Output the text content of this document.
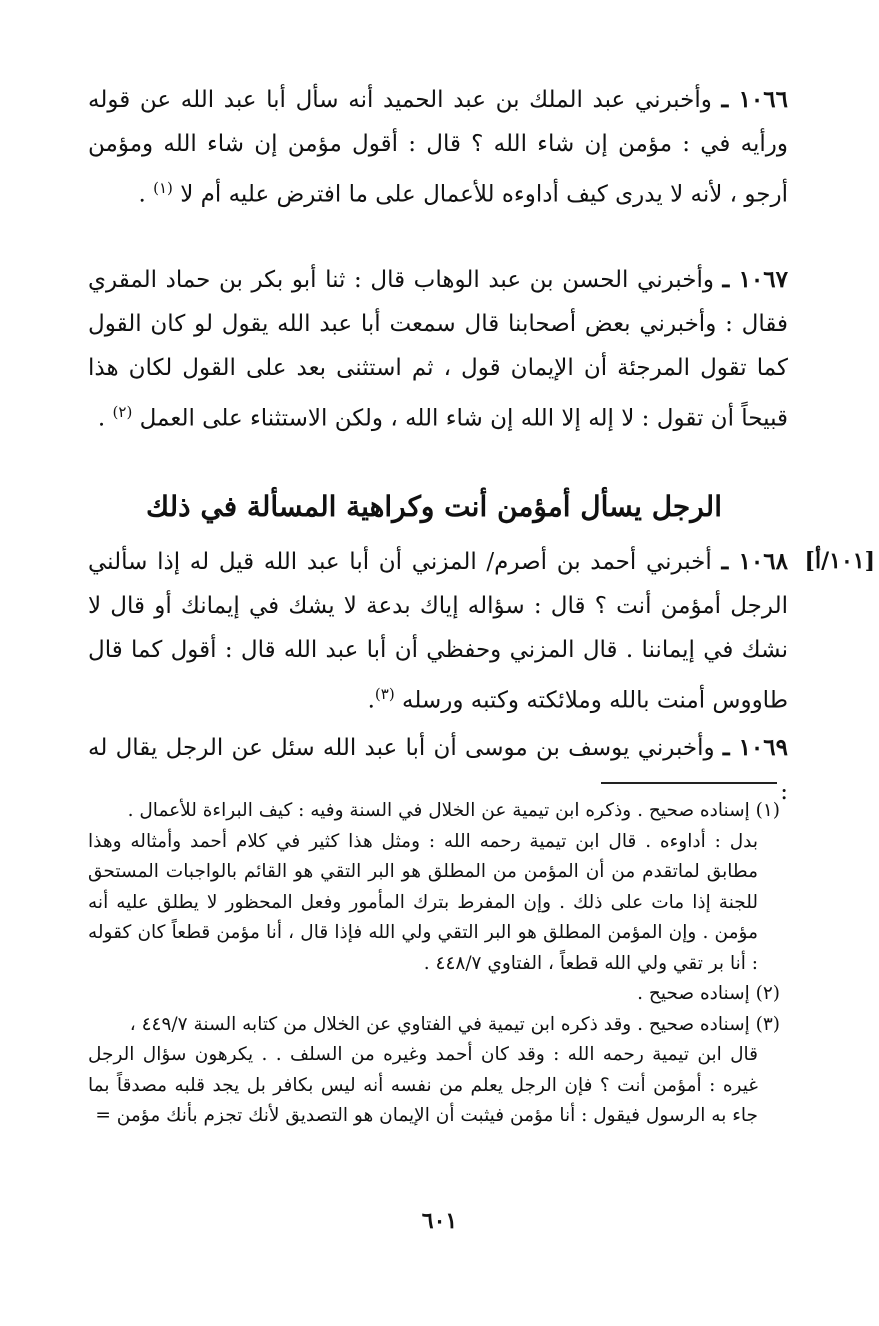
١٠٦٦ ـ وأخبرني عبد الملك بن عبد الحميد أنه سأل أبا عبد الله عن قوله ورأيه في : مؤمن إن شاء الله ؟ قال : أقول مؤمن إن شاء الله ومؤمن أرجو ، لأنه لا يدرى كيف أداوءه للأعمال على ما افترض عليه أم لا $^{(١)}$ .
١٠٦٧ ـ وأخبرني الحسن بن عبد الوهاب قال : ثنا أبو بكر بن حماد المقري فقال : وأخبرني بعض أصحابنا قال سمعت أبا عبد الله يقول لو كان القول كما تقول المرجئة أن الإيمان قول ، ثم استثنى بعد على القول لكان هذا قبيحاً أن تقول : لا إله إلا الله إن شاء الله ، ولكن الاستثناء على العمل $^{(٢)}$ .
الرجل يسأل أمؤمن أنت وكراهية المسألة في ذلك
[١٠١/أ]
١٠٦٨ ـ أخبرني أحمد بن أصرم/ المزني أن أبا عبد الله قيل له إذا سألني الرجل أمؤمن أنت ؟ قال : سؤاله إياك بدعة لا يشك في إيمانك أو قال لا نشك في إيماننا . قال المزني وحفظي أن أبا عبد الله قال : أقول كما قال طاووس أمنت بالله وملائكته وكتبه ورسله $^{(٣)}$.
١٠٦٩ ـ وأخبرني يوسف بن موسى أن أبا عبد الله سئل عن الرجل يقال له :
(١) إسناده صحيح . وذكره ابن تيمية عن الخلال في السنة وفيه : كيف البراءة للأعمال .
بدل : أداوءه . قال ابن تيمية رحمه الله : ومثل هذا كثير في كلام أحمد وأمثاله وهذا مطابق لماتقدم من أن المؤمن من المطلق هو البر التقي هو القائم بالواجبات المستحق للجنة إذا مات على ذلك . وإن المفرط بترك المأمور وفعل المحظور لا يطلق عليه أنه مؤمن . وإن المؤمن المطلق هو البر التقي ولي الله فإذا قال ، أنا مؤمن قطعاً كان كقوله : أنا بر تقي ولي الله قطعاً ، الفتاوي ٤٤٨/٧ .
(٢) إسناده صحيح .
(٣) إسناده صحيح . وقد ذكره ابن تيمية في الفتاوي عن الخلال من كتابه السنة ٤٤٩/٧ ،
قال ابن تيمية رحمه الله : وقد كان أحمد وغيره من السلف . . يكرهون سؤال الرجل غيره : أمؤمن أنت ؟ فإن الرجل يعلم من نفسه أنه ليس بكافر بل يجد قلبه مصدقاً بما جاء به الرسول فيقول : أنا مؤمن فيثبت أن الإيمان هو التصديق لأنك تجزم بأنك مؤمن =
٦٠١
